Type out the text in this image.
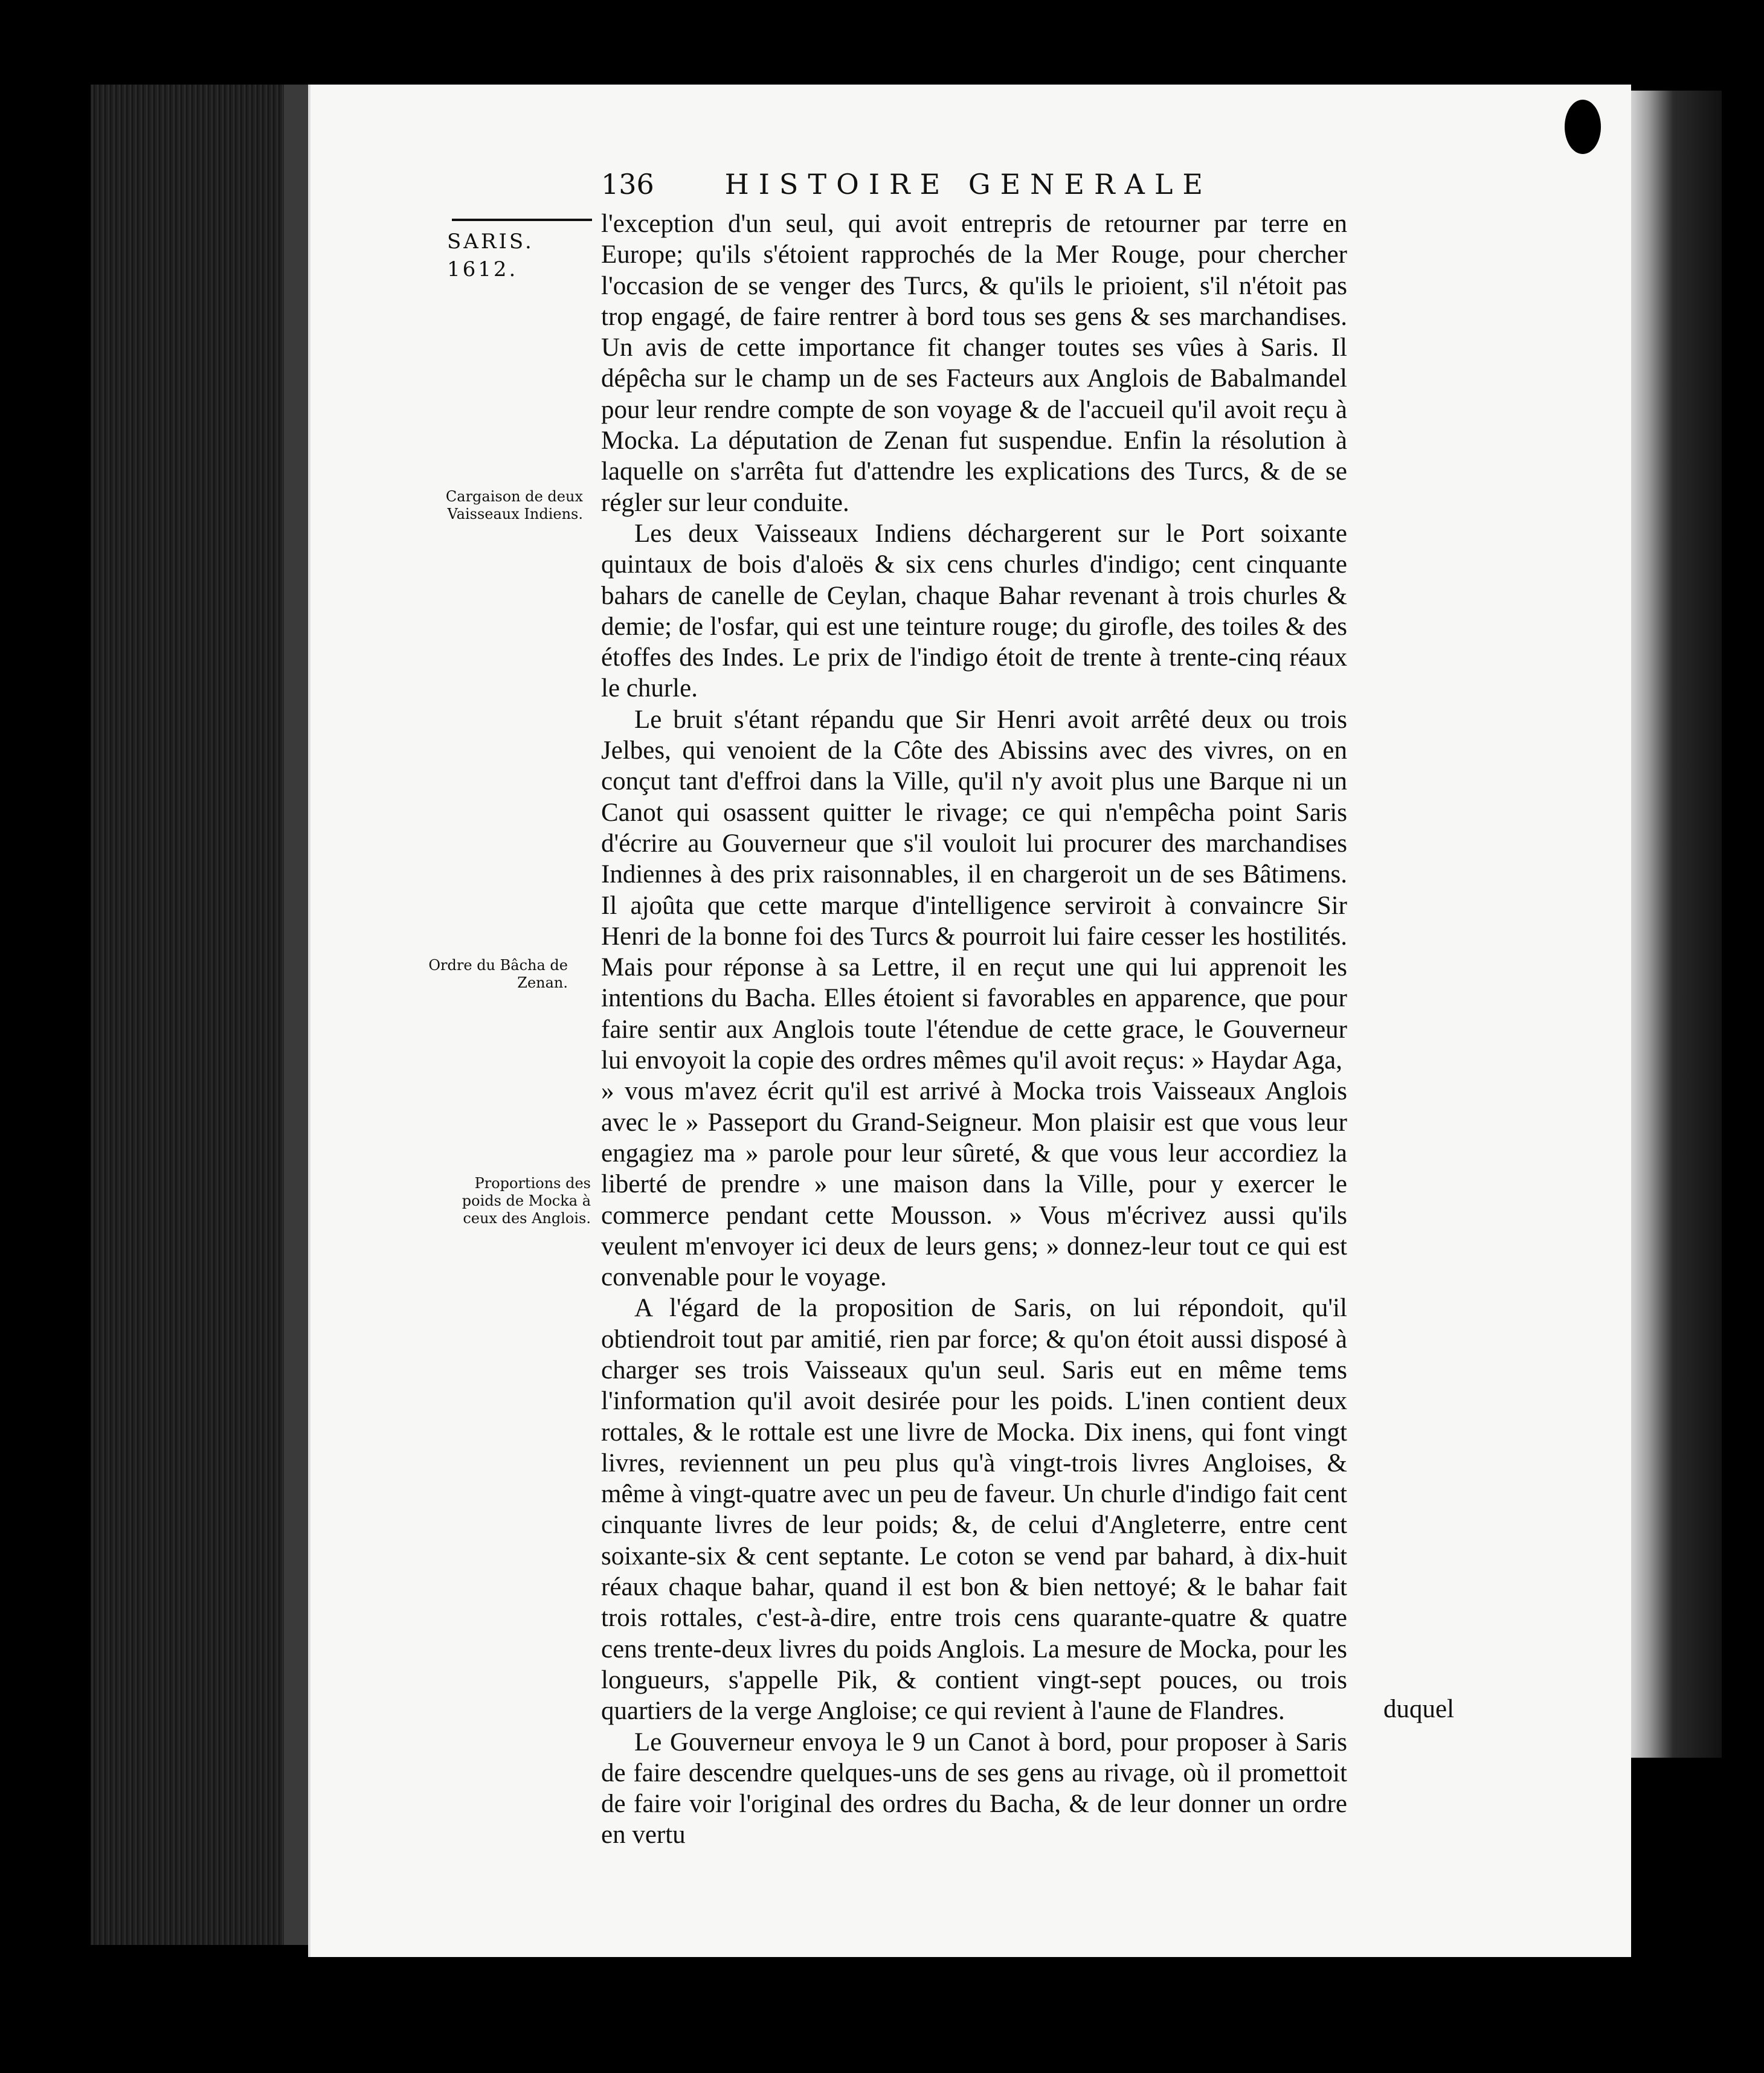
136	HISTOIRE GENERALE
SARIS.
1612.
Cargaison de deux Vaisseaux Indiens.
Ordre du Bâcha de Zenan.
Proportions des poids de Mocka à ceux des Anglois.

l'exception d'un seul, qui avoit entrepris de retourner par terre en Europe; qu'ils s'étoient rapprochés de la Mer Rouge, pour chercher l'occasion de se venger des Turcs, & qu'ils le prioient, s'il n'étoit pas trop engagé, de faire rentrer à bord tous ses gens & ses marchandises. Un avis de cette importance fit changer toutes ses vûes à Saris. Il dépêcha sur le champ un de ses Facteurs aux Anglois de Babalmandel pour leur rendre compte de son voyage & de l'accueil qu'il avoit reçu à Mocka. La députation de Zenan fut suspendue. Enfin la résolution à laquelle on s'arrêta fut d'attendre les explications des Turcs, & de se régler sur leur conduite.

Les deux Vaisseaux Indiens déchargerent sur le Port soixante quintaux de bois d'aloës & six cens churles d'indigo; cent cinquante bahars de canelle de Ceylan, chaque Bahar revenant à trois churles & demie; de l'osfar, qui est une teinture rouge; du girofle, des toiles & des étoffes des Indes. Le prix de l'indigo étoit de trente à trente-cinq réaux le churle.

Le bruit s'étant répandu que Sir Henri avoit arrêté deux ou trois Jelbes, qui venoient de la Côte des Abissins avec des vivres, on en conçut tant d'effroi dans la Ville, qu'il n'y avoit plus une Barque ni un Canot qui osassent quitter le rivage; ce qui n'empêcha point Saris d'écrire au Gouverneur que s'il vouloit lui procurer des marchandises Indiennes à des prix raisonnables, il en chargeroit un de ses Bâtimens. Il ajoûta que cette marque d'intelligence serviroit à convaincre Sir Henri de la bonne foi des Turcs & pourroit lui faire cesser les hostilités. Mais pour réponse à sa Lettre, il en reçut une qui lui apprenoit les intentions du Bacha. Elles étoient si favorables en apparence, que pour faire sentir aux Anglois toute l'étendue de cette grace, le Gouverneur lui envoyoit la copie des ordres mêmes qu'il avoit reçus: » Haydar Aga,

» vous m'avez écrit qu'il est arrivé à Mocka trois Vaisseaux Anglois avec le » Passeport du Grand-Seigneur. Mon plaisir est que vous leur engagiez ma » parole pour leur sûreté, & que vous leur accordiez la liberté de prendre » une maison dans la Ville, pour y exercer le commerce pendant cette Mousson. » Vous m'écrivez aussi qu'ils veulent m'envoyer ici deux de leurs gens; » donnez-leur tout ce qui est convenable pour le voyage.

A l'égard de la proposition de Saris, on lui répondoit, qu'il obtiendroit tout par amitié, rien par force; & qu'on étoit aussi disposé à charger ses trois Vaisseaux qu'un seul. Saris eut en même tems l'information qu'il avoit desirée pour les poids. L'inen contient deux rottales, & le rottale est une livre de Mocka. Dix inens, qui font vingt livres, reviennent un peu plus qu'à vingt-trois livres Angloises, & même à vingt-quatre avec un peu de faveur. Un churle d'indigo fait cent cinquante livres de leur poids; &, de celui d'Angleterre, entre cent soixante-six & cent septante. Le coton se vend par bahard, à dix-huit réaux chaque bahar, quand il est bon & bien nettoyé; & le bahar fait trois rottales, c'est-à-dire, entre trois cens quarante-quatre & quatre cens trente-deux livres du poids Anglois. La mesure de Mocka, pour les longueurs, s'appelle Pik, & contient vingt-sept pouces, ou trois quartiers de la verge Angloise; ce qui revient à l'aune de Flandres.

Le Gouverneur envoya le 9 un Canot à bord, pour proposer à Saris de faire descendre quelques-uns de ses gens au rivage, où il promettoit de faire voir l'original des ordres du Bacha, & de leur donner un ordre en vertu

duquel
